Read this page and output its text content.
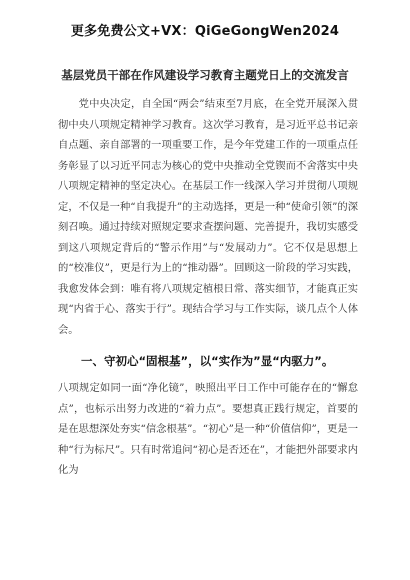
更多免费公文+VX：QiGeGongWen2024
基层党员干部在作风建设学习教育主题党日上的交流发言

党中央决定，自全国“两会”结束至7月底，在全党开展深入贯彻中央八项规定精神学习教育。这次学习教育，是习近平总书记亲自点题、亲自部署的一项重要工作，是今年党建工作的一项重点任务彰显了以习近平同志为核心的党中央推动全党锲而不舍落实中央八项规定精神的坚定决心。在基层工作一线深入学习并贯彻八项规定，不仅是一种“自我提升”的主动选择，更是一种“使命引领”的深刻召唤。通过持续对照规定要求查摆问题、完善提升，我切实感受到这八项规定背后的“警示作用”与“发展动力”。它不仅是思想上的“校准仪”，更是行为上的“推动器”。回顾这一阶段的学习实践，我愈发体会到：唯有将八项规定植根日常、落实细节，才能真正实现“内省于心、落实于行”。现结合学习与工作实际，谈几点个人体会。

一、守初心“固根基”，以“实作为”显“内驱力”。

八项规定如同一面“净化镜”，映照出平日工作中可能存在的“懈怠点”，也标示出努力改进的“着力点”。要想真正践行规定，首要的是在思想深处夯实“信念根基”。“初心”是一种“价值信仰”，更是一种“行为标尺”。只有时常追问“初心是否还在”，才能把外部要求内化为
